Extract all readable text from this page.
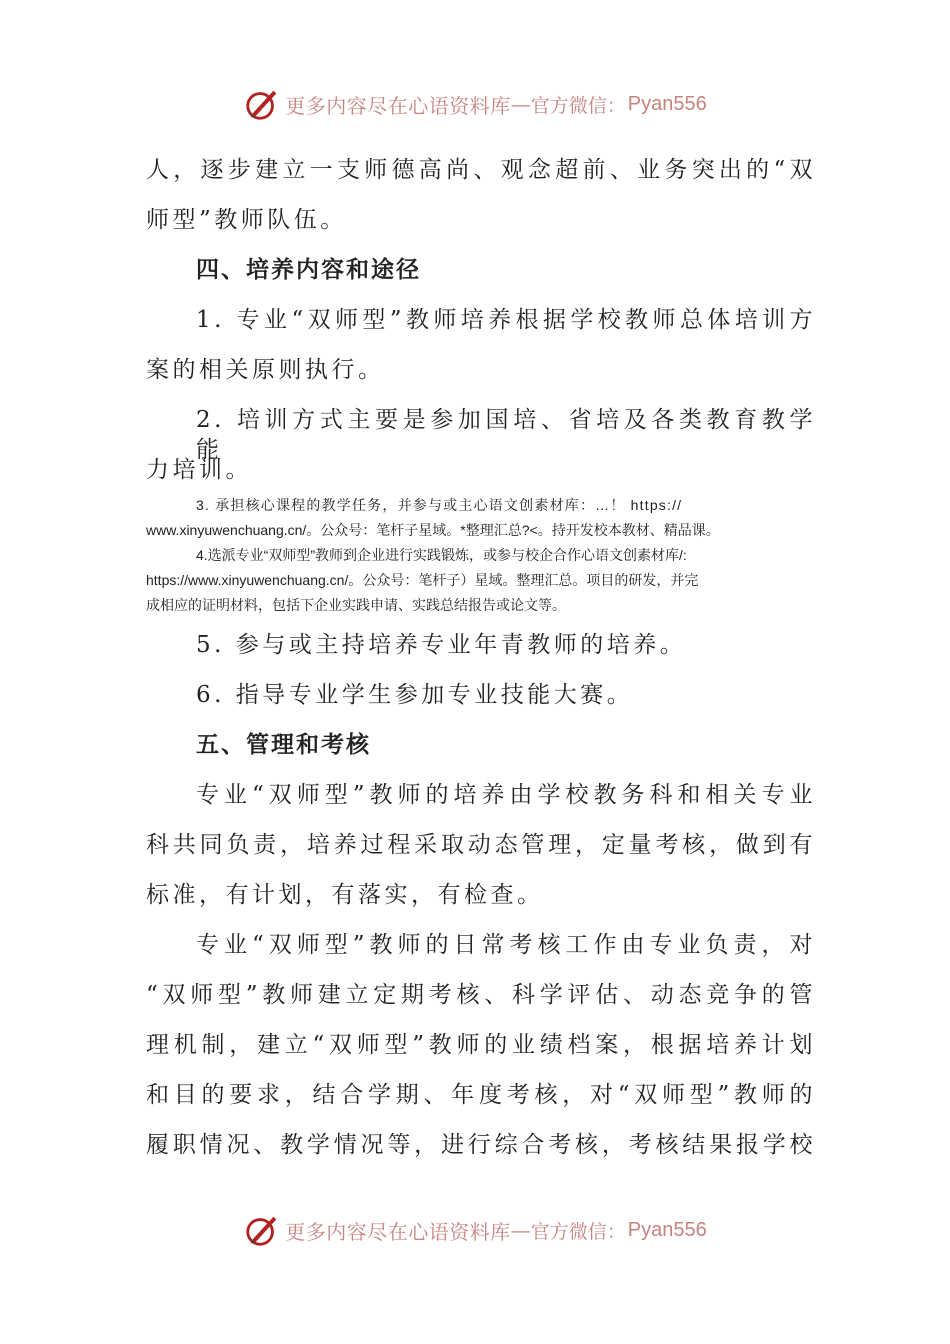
更多内容尽在心语资料库 — 官方微信： Pyan556
人，逐步建立一支师德高尚、观念超前、业务突出的“双
师型”教师队伍。
四、培养内容和途径
1. 专业“双师型”教师培养根据学校教师总体培训方
案的相关原则执行。
2. 培训方式主要是参加国培、省培及各类教育教学能
力培训。
3. 承担核心课程的教学任务，并参与或主心语文创素材库：…！ https://
www.xinyuwenchuang.cn/。公众号：笔杆子星域。*整理汇总?<。持开发校本教材、精品课。
4.选派专业“双师型”教师到企业进行实践锻炼，或参与校企合作心语文创素材库/:
https://www.xinyuwenchuang.cn/。公众号：笔杆子）星域。整理汇总。项目的研发，并完
成相应的证明材料，包括下企业实践申请、实践总结报告或论文等。
5. 参与或主持培养专业年青教师的培养。
6. 指导专业学生参加专业技能大赛。
五、管理和考核
专业“双师型”教师的培养由学校教务科和相关专业
科共同负责，培养过程采取动态管理，定量考核，做到有
标准，有计划，有落实，有检查。
专业“双师型”教师的日常考核工作由专业负责，对
“双师型”教师建立定期考核、科学评估、动态竞争的管
理机制，建立“双师型”教师的业绩档案，根据培养计划
和目的要求，结合学期、年度考核，对“双师型”教师的
履职情况、教学情况等，进行综合考核，考核结果报学校
更多内容尽在心语资料库 — 官方微信： Pyan556
